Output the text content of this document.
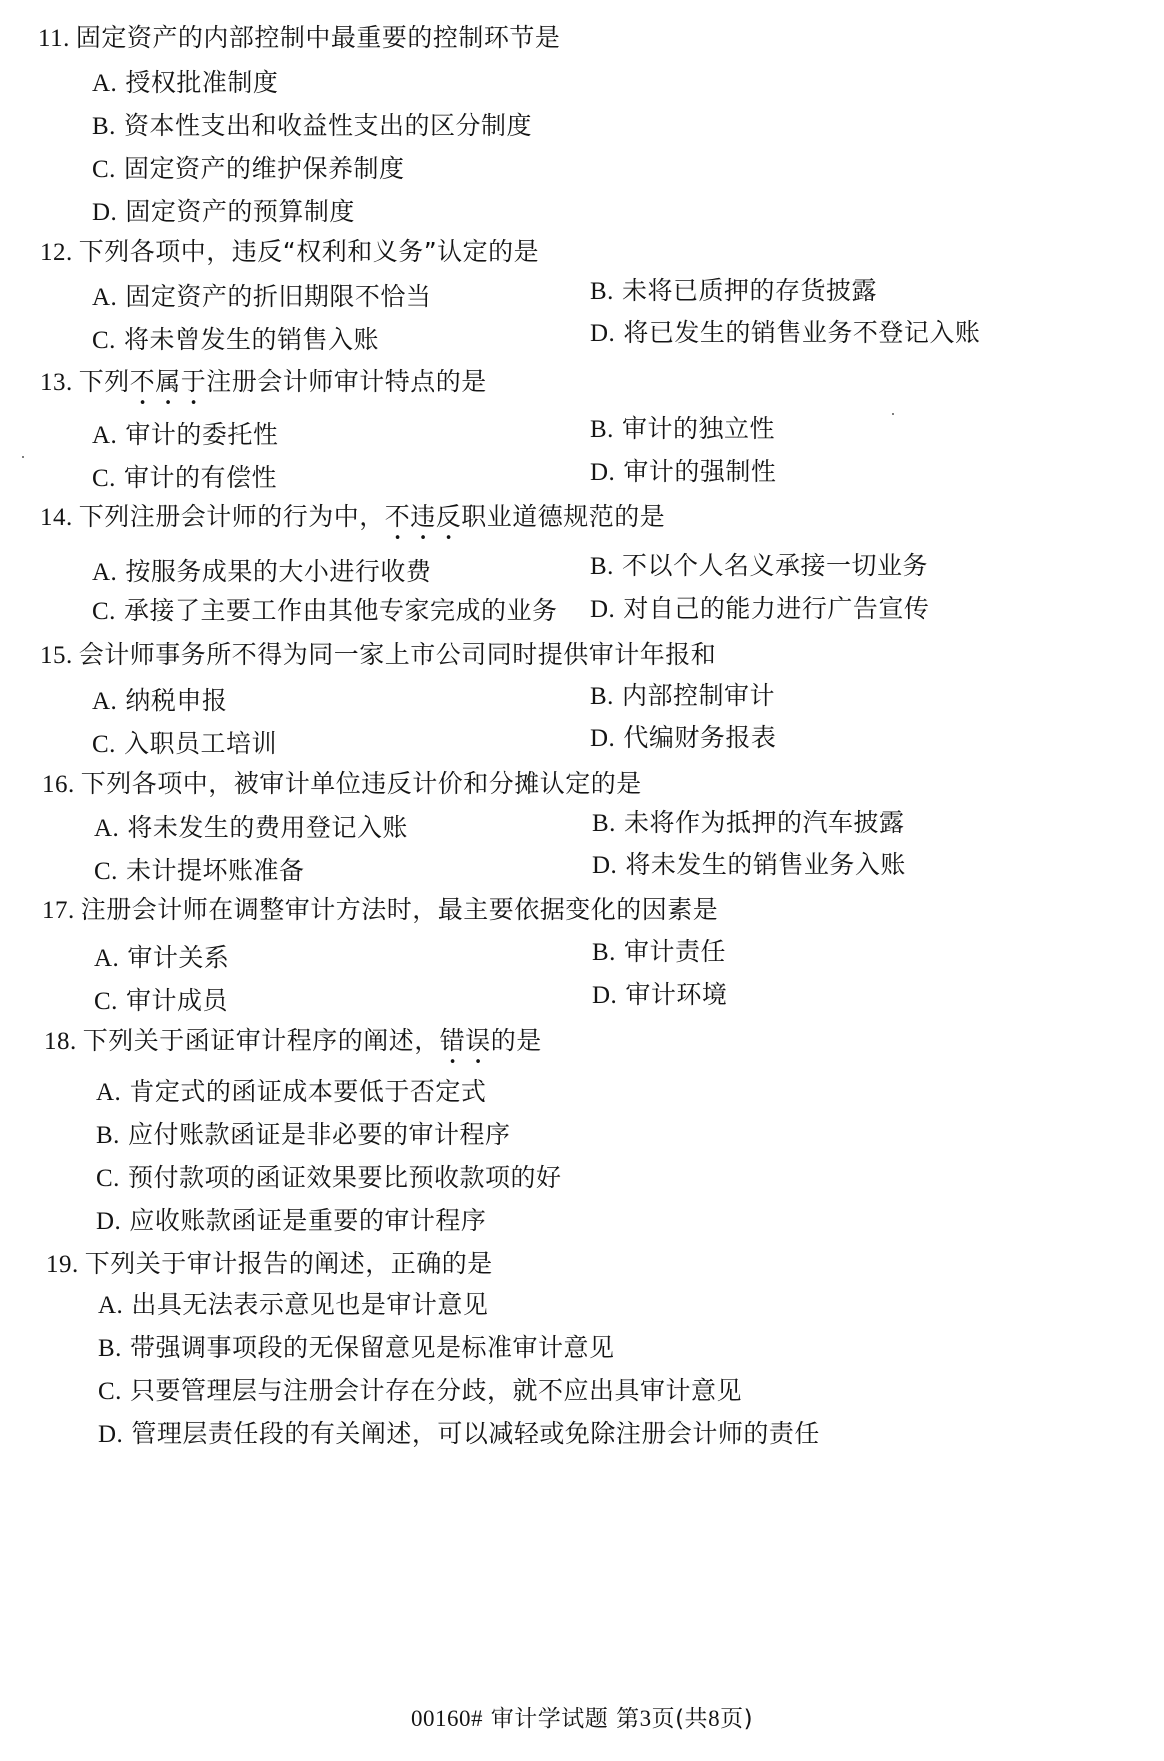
11. 固定资产的内部控制中最重要的控制环节是
A. 授权批准制度
B. 资本性支出和收益性支出的区分制度
C. 固定资产的维护保养制度
D. 固定资产的预算制度
12. 下列各项中，违反“权利和义务”认定的是
A. 固定资产的折旧期限不恰当	B. 未将已质押的存货披露
C. 将未曾发生的销售入账	D. 将已发生的销售业务不登记入账
13. 下列不属于注册会计师审计特点的是
A. 审计的委托性	B. 审计的独立性
C. 审计的有偿性	D. 审计的强制性
14. 下列注册会计师的行为中，不违反职业道德规范的是
A. 按服务成果的大小进行收费	B. 不以个人名义承接一切业务
C. 承接了主要工作由其他专家完成的业务 D. 对自己的能力进行广告宣传
15. 会计师事务所不得为同一家上市公司同时提供审计年报和
A. 纳税申报	B. 内部控制审计
C. 入职员工培训	D. 代编财务报表
16. 下列各项中，被审计单位违反计价和分摊认定的是
A. 将未发生的费用登记入账	B. 未将作为抵押的汽车披露
C. 未计提坏账准备	D. 将未发生的销售业务入账
17. 注册会计师在调整审计方法时，最主要依据变化的因素是
A. 审计关系	B. 审计责任
C. 审计成员	D. 审计环境
18. 下列关于函证审计程序的阐述，错误的是
A. 肯定式的函证成本要低于否定式
B. 应付账款函证是非必要的审计程序
C. 预付款项的函证效果要比预收款项的好
D. 应收账款函证是重要的审计程序
19. 下列关于审计报告的阐述，正确的是
A. 出具无法表示意见也是审计意见
B. 带强调事项段的无保留意见是标准审计意见
C. 只要管理层与注册会计存在分歧，就不应出具审计意见
D. 管理层责任段的有关阐述，可以减轻或免除注册会计师的责任
00160# 审计学试题 第3页(共8页)
